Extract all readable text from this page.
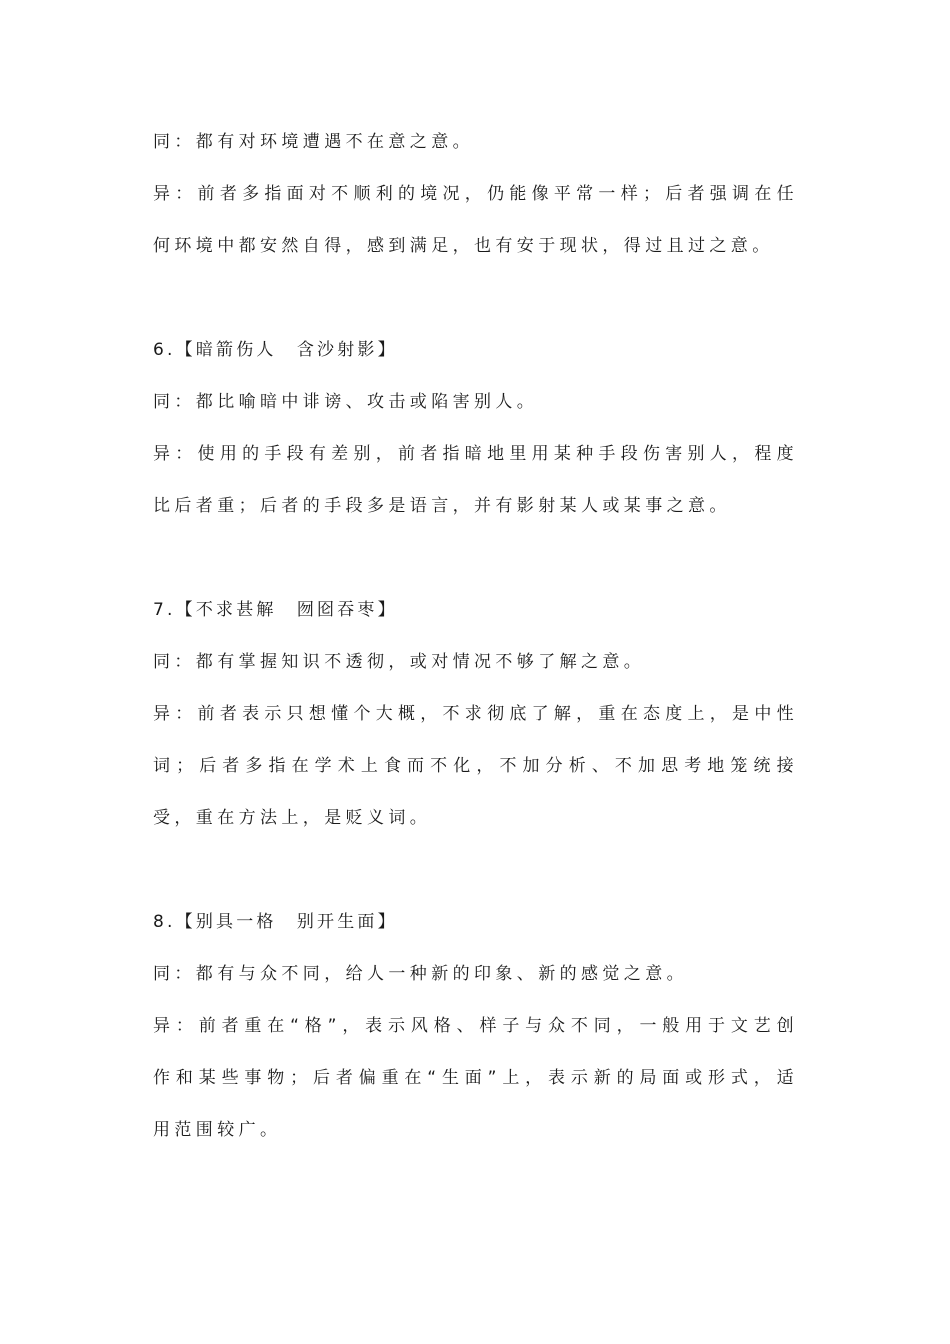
同：都有对环境遭遇不在意之意。
异：前者多指面对不顺利的境况，仍能像平常一样；后者强调在任
何环境中都安然自得，感到满足，也有安于现状，得过且过之意。
6.【暗箭伤人　含沙射影】
同：都比喻暗中诽谤、攻击或陷害别人。
异：使用的手段有差别，前者指暗地里用某种手段伤害别人，程度
比后者重；后者的手段多是语言，并有影射某人或某事之意。
7.【不求甚解　囫囵吞枣】
同：都有掌握知识不透彻，或对情况不够了解之意。
异：前者表示只想懂个大概，不求彻底了解，重在态度上，是中性
词；后者多指在学术上食而不化，不加分析、不加思考地笼统接
受，重在方法上，是贬义词。
8.【别具一格　别开生面】
同：都有与众不同，给人一种新的印象、新的感觉之意。
异：前者重在“格”，表示风格、样子与众不同，一般用于文艺创
作和某些事物；后者偏重在“生面”上，表示新的局面或形式，适
用范围较广。
